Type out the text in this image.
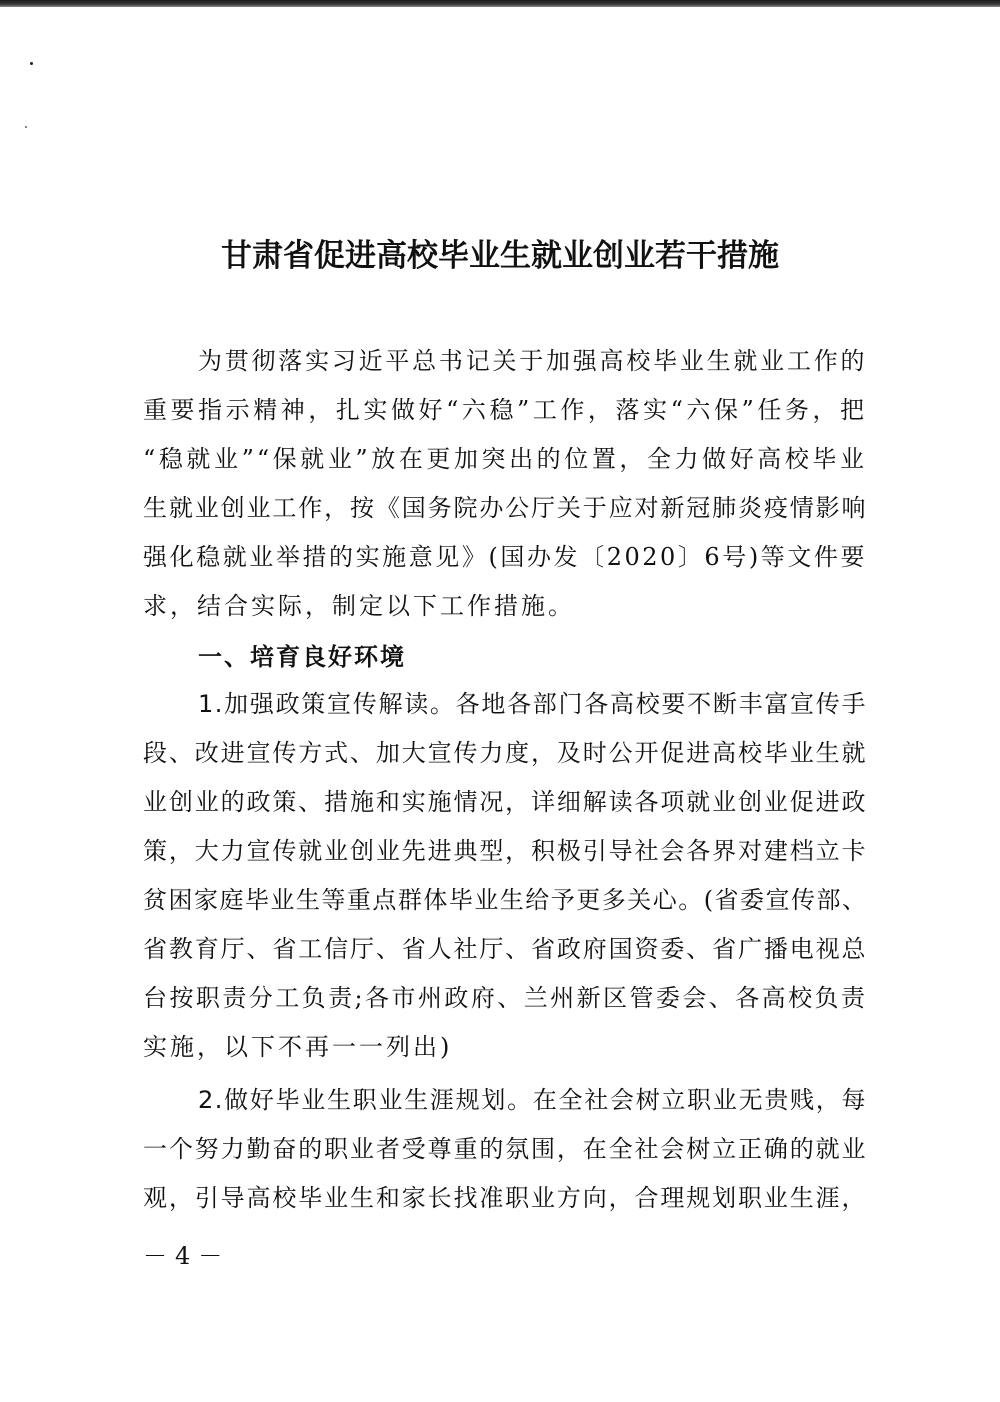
甘肃省促进高校毕业生就业创业若干措施
为贯彻落实习近平总书记关于加强高校毕业生就业工作的
重要指示精神，扎实做好“六稳”工作，落实“六保”任务，把
“稳就业”“保就业”放在更加突出的位置，全力做好高校毕业
生就业创业工作，按《国务院办公厅关于应对新冠肺炎疫情影响
强化稳就业举措的实施意见》(国办发〔2020〕6号)等文件要
求，结合实际，制定以下工作措施。
一、培育良好环境
1.加强政策宣传解读。各地各部门各高校要不断丰富宣传手
段、改进宣传方式、加大宣传力度，及时公开促进高校毕业生就
业创业的政策、措施和实施情况，详细解读各项就业创业促进政
策，大力宣传就业创业先进典型，积极引导社会各界对建档立卡
贫困家庭毕业生等重点群体毕业生给予更多关心。(省委宣传部、
省教育厅、省工信厅、省人社厅、省政府国资委、省广播电视总
台按职责分工负责;各市州政府、兰州新区管委会、各高校负责
实施，以下不再一一列出)
2.做好毕业生职业生涯规划。在全社会树立职业无贵贱，每
一个努力勤奋的职业者受尊重的氛围，在全社会树立正确的就业
观，引导高校毕业生和家长找准职业方向，合理规划职业生涯，
－4－
